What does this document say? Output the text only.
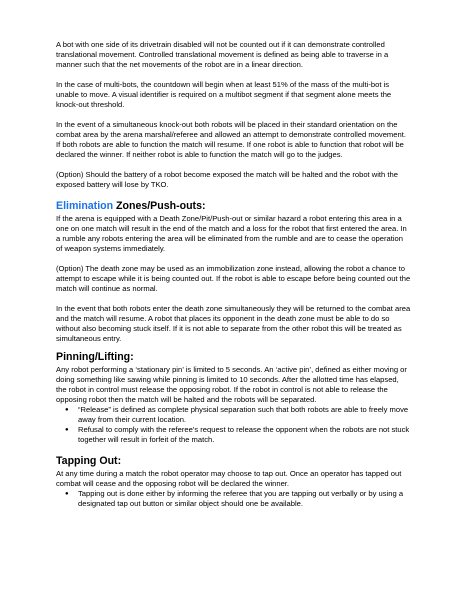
A bot with one side of its drivetrain disabled will not be counted out if it can demonstrate controlled translational movement. Controlled translational movement is defined as being able to traverse in a manner such that the net movements of the robot are in a linear direction.

In the case of multi-bots, the countdown will begin when at least 51% of the mass of the multi-bot is unable to move. A visual identifier is required on a multibot segment if that segment alone meets the knock-out threshold.

In the event of a simultaneous knock-out both robots will be placed in their standard orientation on the combat area by the arena marshal/referee and allowed an attempt to demonstrate controlled movement. If both robots are able to function the match will resume. If one robot is able to function that robot will be declared the winner. If neither robot is able to function the match will go to the judges.

(Option) Should the battery of a robot become exposed the match will be halted and the robot with the exposed battery will lose by TKO.

Elimination Zones/Push-outs:

If the arena is equipped with a Death Zone/Pit/Push-out or similar hazard a robot entering this area in a one on one match will result in the end of the match and a loss for the robot that first entered the area. In a rumble any robots entering the area will be eliminated from the rumble and are to cease the operation of weapon systems immediately.

(Option) The death zone may be used as an immobilization zone instead, allowing the robot a chance to attempt to escape while it is being counted out. If the robot is able to escape before being counted out the match will continue as normal.

In the event that both robots enter the death zone simultaneously they will be returned to the combat area and the match will resume. A robot that places its opponent in the death zone must be able to do so without also becoming stuck itself. If it is not able to separate from the other robot this will be treated as simultaneous entry.

Pinning/Lifting:

Any robot performing a ‘stationary pin’ is limited to 5 seconds. An ‘active pin’, defined as either moving or doing something like sawing while pinning is limited to 10 seconds. After the allotted time has elapsed, the robot in control must release the opposing robot. If the robot in control is not able to release the opposing robot then the match will be halted and the robots will be separated.

● “Release” is defined as complete physical separation such that both robots are able to freely move away from their current location.
● Refusal to comply with the referee’s request to release the opponent when the robots are not stuck together will result in forfeit of the match.
Tapping Out:

At any time during a match the robot operator may choose to tap out. Once an operator has tapped out combat will cease and the opposing robot will be declared the winner.

● Tapping out is done either by informing the referee that you are tapping out verbally or by using a designated tap out button or similar object should one be available.
